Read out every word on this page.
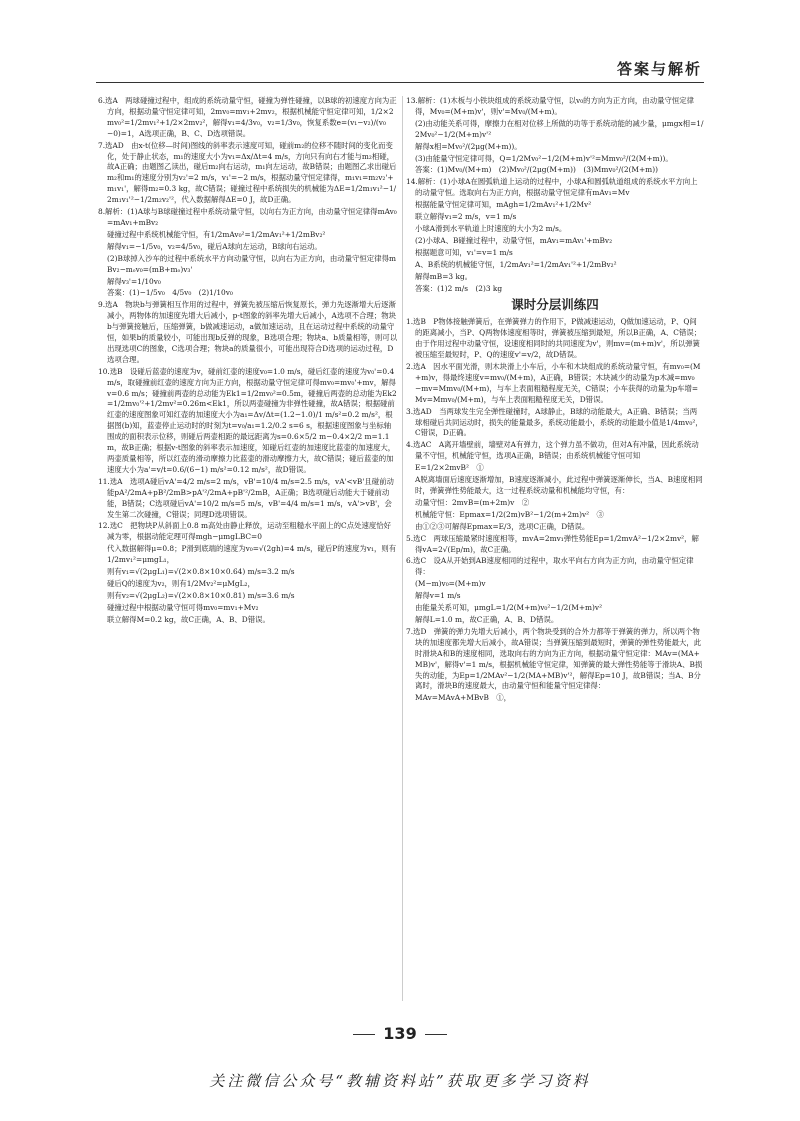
答案与解析
6.选A　两球碰撞过程中，组成的系统动量守恒，碰撞为弹性碰撞，以B球的初速度方向为正方向，根据动量守恒定律可知，2mv₀=mv₁+2mv₂，根据机械能守恒定律可知，1/2×2mv₀²=1/2mv₁²+1/2×2mv₂²，解得v₁=4/3v₀，v₂=1/3v₀，恢复系数e=(v₁−v₂)/(v₀−0)=1，A选项正确，B、C、D选项错误。
7.选AD　由x-t(位移—时间)图线的斜率表示速度可知，碰前m₂的位移不随时间的变化而变化，处于静止状态，m₁的速度大小为v₁=Δx/Δt=4 m/s，方向只有向右才能与m₂相碰，故A正确；由题图乙读出，碰后m₂向右运动，m₁向左运动，故B错误；由题图乙求出碰后m₂和m₁的速度分别为v₂'=2 m/s，v₁'=−2 m/s，根据动量守恒定律得，m₁v₁=m₂v₂'+m₁v₁'，解得m₂=0.3 kg，故C错误；碰撞过程中系统损失的机械能为ΔE=1/2m₁v₁²−1/2m₁v₁'²−1/2m₂v₂'²，代入数据解得ΔE=0 J，故D正确。
8.解析：(1)A球与B球碰撞过程中系统动量守恒，以向右为正方向，由动量守恒定律得mAv₀=mAv₁+mBv₂
碰撞过程中系统机械能守恒，有1/2mAv₀²=1/2mAv₁²+1/2mBv₂²
解得v₁=−1/5v₀，v₂=4/5v₀，碰后A球向左运动，B球向右运动。
(2)B球掉入沙车的过程中系统水平方向动量守恒，以向右为正方向，由动量守恒定律得mBv₂−mₒv₀=(mB+mₒ)v₃'
解得v₃'=1/10v₀
答案：(1)−1/5v₀　4/5v₀　(2)1/10v₀
9.选A　物块b与弹簧相互作用的过程中，弹簧先被压缩后恢复原长，弹力先逐渐增大后逐渐减小，两物体的加速度先增大后减小，p-t图象的斜率先增大后减小，A选项不合理；物块b与弹簧接触后，压缩弹簧，b做减速运动，a做加速运动，且在运动过程中系统的动量守恒，如果b的质量较小，可能出现b反弹的现象，B选项合理；物块a、b质量相等，则可以出现选项C的图象，C选项合理；物块a的质量很小，可能出现符合D选项的运动过程，D选项合理。
10.选B　设碰后蓝壶的速度为v，碰前红壶的速度v₀=1.0 m/s，碰后红壶的速度为v₀'=0.4 m/s，取碰撞前红壶的速度方向为正方向，根据动量守恒定律可得mv₀=mv₀'+mv，解得v=0.6 m/s；碰撞前两壶的总动能为Ek1=1/2mv₀²=0.5m，碰撞后两壶的总动能为Ek2=1/2mv₀'²+1/2mv²=0.26m<Ek1，所以两壶碰撞为非弹性碰撞，故A错误；根据碰前红壶的速度图象可知红壶的加速度大小为a₁=Δv/Δt=(1.2−1.0)/1 m/s²=0.2 m/s²，根据图(b)知，蓝壶停止运动时的时刻为t=v₀/a₁=1.2/0.2 s=6 s，根据速度图象与坐标轴围成的面积表示位移，则碰后两壶相距的最远距离为s=0.6×5/2 m−0.4×2/2 m=1.1 m，故B正确；根据v-t图象的斜率表示加速度，知碰后红壶的加速度比蓝壶的加速度大，两壶质量相等，所以红壶的滑动摩擦力比蓝壶的滑动摩擦力大，故C错误；碰后蓝壶的加速度大小为a'=v/t=0.6/(6−1) m/s²=0.12 m/s²，故D错误。
11.选A　选项A碰后vA'=4/2 m/s=2 m/s，vB'=10/4 m/s=2.5 m/s，vA'<vB'且碰前动能pA²/2mA+pB²/2mB>pA'²/2mA+pB'²/2mB，A正确；B选项碰后动能大于碰前动能，B错误；C选项碰后vA'=10/2 m/s=5 m/s，vB'=4/4 m/s=1 m/s，vA'>vB'，会发生第二次碰撞，C错误；同理D选项错误。
12.选C　把物块P从斜面上0.8 m高处由静止释放，运动至粗糙水平面上的C点处速度恰好减为零，根据动能定理可得mgh−μmgLBC=0
代入数据解得μ=0.8；P滑到底端的速度为v₀=√(2gh)=4 m/s，碰后P的速度为v₁，则有1/2mv₁²=μmgL₁，
则有v₁=√(2μgL₁)=√(2×0.8×10×0.64) m/s=3.2 m/s
碰后Q的速度为v₂，则有1/2Mv₂²=μMgL₂，
则有v₂=√(2μgL₂)=√(2×0.8×10×0.81) m/s=3.6 m/s
碰撞过程中根据动量守恒可得mv₀=mv₁+Mv₂
联立解得M=0.2 kg，故C正确，A、B、D错误。
13.解析：(1)木板与小铁块组成的系统动量守恒，以v₀的方向为正方向，由动量守恒定律得，Mv₀=(M+m)v'，则v'=Mv₀/(M+m)。
(2)由动能关系可得，摩擦力在相对位移上所做的功等于系统动能的减少量，μmgx相=1/2Mv₀²−1/2(M+m)v'²
解得x相=Mv₀²/(2μg(M+m))。
(3)由能量守恒定律可得，Q=1/2Mv₀²−1/2(M+m)v'²=Mmv₀²/(2(M+m))。
答案：(1)Mv₀/(M+m)　(2)Mv₀²/(2μg(M+m))　(3)Mmv₀²/(2(M+m))
14.解析：(1)小球A在圆弧轨道上运动的过程中，小球A和圆弧轨道组成的系统水平方向上的动量守恒。选取向右为正方向，根据动量守恒定律有mAv₁=Mv
根据能量守恒定律可知，mAgh=1/2mAv₁²+1/2Mv²
联立解得v₁=2 m/s，v=1 m/s
小球A滑到水平轨道上时速度的大小为2 m/s。
(2)小球A、B碰撞过程中，动量守恒，mAv₁=mAv₁'+mBv₂
根据题意可知，v₁'=v=1 m/s
A、B系统的机械能守恒，1/2mAv₁²=1/2mAv₁'²+1/2mBv₂²
解得mB=3 kg。
答案：(1)2 m/s　(2)3 kg
课时分层训练四
1.选B　P物体接触弹簧后，在弹簧弹力的作用下，P做减速运动，Q做加速运动，P、Q间的距离减小，当P、Q两物体速度相等时，弹簧被压缩到最短，所以B正确，A、C错误；由于作用过程中动量守恒，设速度相同时的共同速度为v'，则mv=(m+m)v'，所以弹簧被压缩至最短时，P、Q的速度v'=v/2，故D错误。
2.选A　因水平面光滑，则木块滑上小车后，小车和木块组成的系统动量守恒，有mv₀=(M+m)v，得最终速度v=mv₀/(M+m)，A正确，B错误；木块减少的动量为p木减=mv₀−mv=Mmv₀/(M+m)，与车上表面粗糙程度无关，C错误；小车获得的动量为p车增=Mv=Mmv₀/(M+m)，与车上表面粗糙程度无关，D错误。
3.选AD　当两球发生完全弹性碰撞时，A球静止，B球的动能最大，A正确、B错误；当两球相碰后共同运动时，损失的能量最多，系统动能最小，系统的动能最小值是1/4mv₀²，C错误，D正确。
4.选AC　A离开墙壁前，墙壁对A有弹力，这个弹力虽不做功，但对A有冲量，因此系统动量不守恒，机械能守恒，选项A正确，B错误；由系统机械能守恒可知
E=1/2×2mvB²　①
A脱离墙面后速度逐渐增加，B速度逐渐减小，此过程中弹簧逐渐伸长，当A、B速度相同时，弹簧弹性势能最大，这一过程系统动量和机械能均守恒，有：
动量守恒：2mvB=(m+2m)v　②
机械能守恒：Epmax=1/2(2m)vB²−1/2(m+2m)v²　③
由①②③可解得Epmax=E/3，选项C正确，D错误。
5.选C　两球压缩最紧时速度相等，mvA=2mv₁弹性势能Ep=1/2mvA²−1/2×2mv²，解得vA=2√(Ep/m)，故C正确。
6.选C　设A从开始到AB速度相同的过程中，取水平向右方向为正方向，由动量守恒定律得：
(M−m)v₀=(M+m)v
解得v=1 m/s
由能量关系可知，μmgL=1/2(M+m)v₀²−1/2(M+m)v²
解得L=1.0 m，故C正确，A、B、D错误。
7.选D　弹簧的弹力先增大后减小，两个物块受到的合外力都等于弹簧的弹力，所以两个物块的加速度都先增大后减小，故A错误；当弹簧压缩到最短时，弹簧的弹性势能最大，此时滑块A和B的速度相同，选取向右的方向为正方向，根据动量守恒定律：MAv=(MA+MB)v'，解得v'=1 m/s，根据机械能守恒定律，知弹簧的最大弹性势能等于滑块A、B损失的动能，为Ep=1/2MAv²−1/2(MA+MB)v'²，解得Ep=10 J，故B错误；当A、B分离时，滑块B的速度最大，由动量守恒和能量守恒定律得：
MAv=MAvA+MBvB　①，
139
关注微信公众号“教辅资料站”获取更多学习资料
